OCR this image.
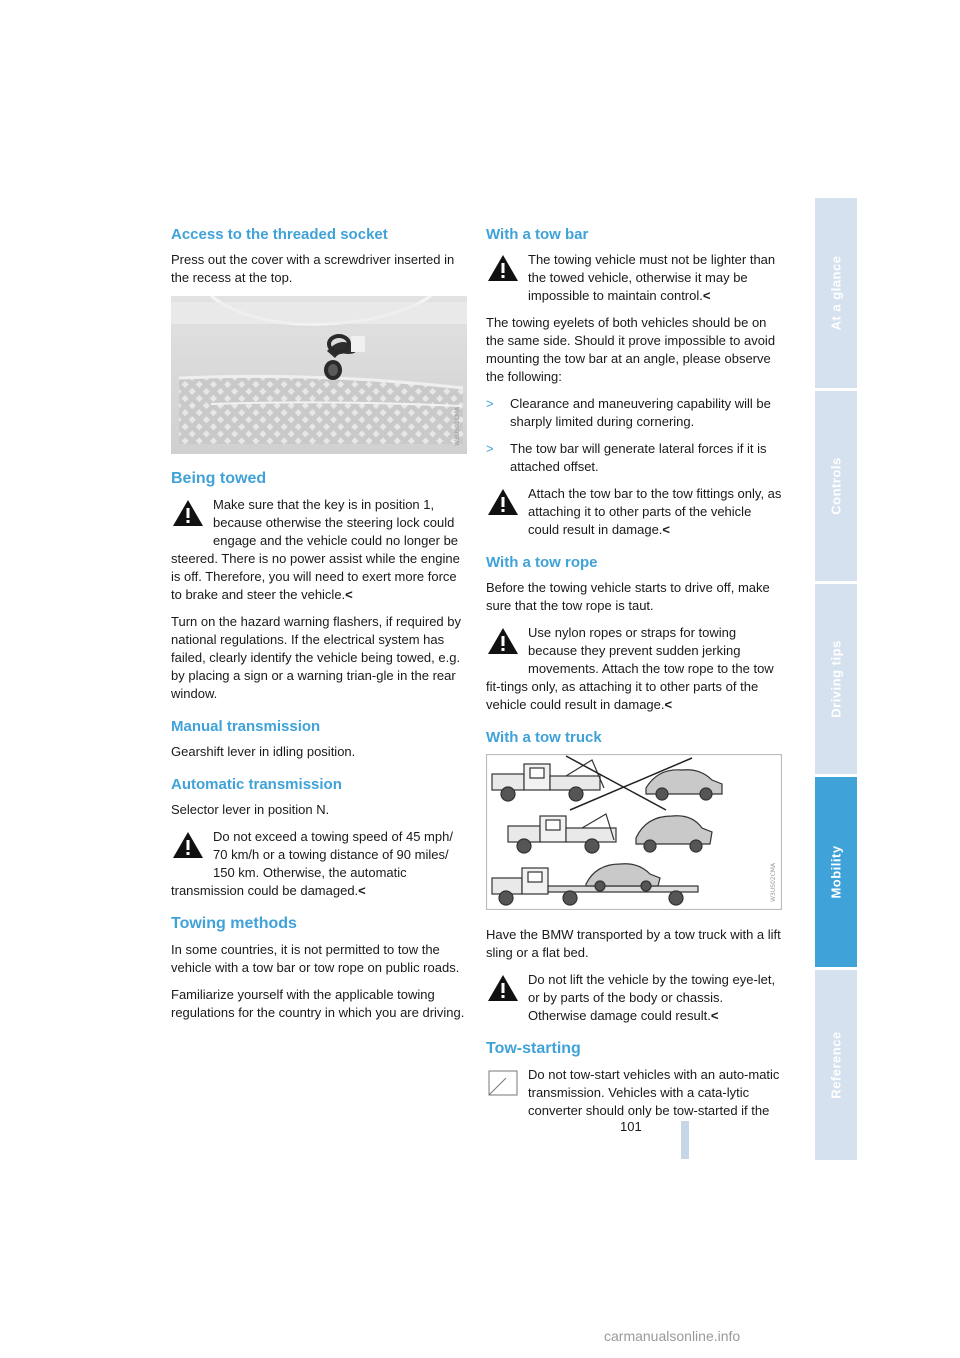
Access to the threaded socket

Press out the cover with a screwdriver inserted in the recess at the top.

W3US01CMA
Being towed
Make sure that the key is in position 1, because otherwise the steering lock could engage and the vehicle could no longer be steered. There is no power assist while the engine is off. Therefore, you will need to exert more force to brake and steer the vehicle.<

Turn on the hazard warning flashers, if required by national regulations. If the electrical system has failed, clearly identify the vehicle being towed, e.g. by placing a sign or a warning trian-gle in the rear window.

Manual transmission

Gearshift lever in idling position.

Automatic transmission

Selector lever in position N.

Do not exceed a towing speed of 45 mph/ 70 km/h or a towing distance of 90 miles/ 150 km. Otherwise, the automatic transmission could be damaged.<
Towing methods

In some countries, it is not permitted to tow the vehicle with a tow bar or tow rope on public roads.

Familiarize yourself with the applicable towing regulations for the country in which you are driving.

With a tow bar
The towing vehicle must not be lighter than the towed vehicle, otherwise it may be impossible to maintain control.<

The towing eyelets of both vehicles should be on the same side. Should it prove impossible to avoid mounting the tow bar at an angle, please observe the following:

> Clearance and maneuvering capability will be sharply limited during cornering.
> The tow bar will generate lateral forces if it is attached offset.
Attach the tow bar to the tow fittings only, as attaching it to other parts of the vehicle could result in damage.<
With a tow rope

Before the towing vehicle starts to drive off, make sure that the tow rope is taut.

Use nylon ropes or straps for towing because they prevent sudden jerking movements. Attach the tow rope to the tow fit-tings only, as attaching it to other parts of the vehicle could result in damage.<
With a tow truck
W3US02CMA

Have the BMW transported by a tow truck with a lift sling or a flat bed.

Do not lift the vehicle by the towing eye-let, or by parts of the body or chassis. Otherwise damage could result.<
Tow-starting
Do not tow-start vehicles with an auto-matic transmission. Vehicles with a cata-lytic converter should only be tow-started if the
At a glance
Controls
Driving tips
Mobility
Reference
101
carmanualsonline.info
